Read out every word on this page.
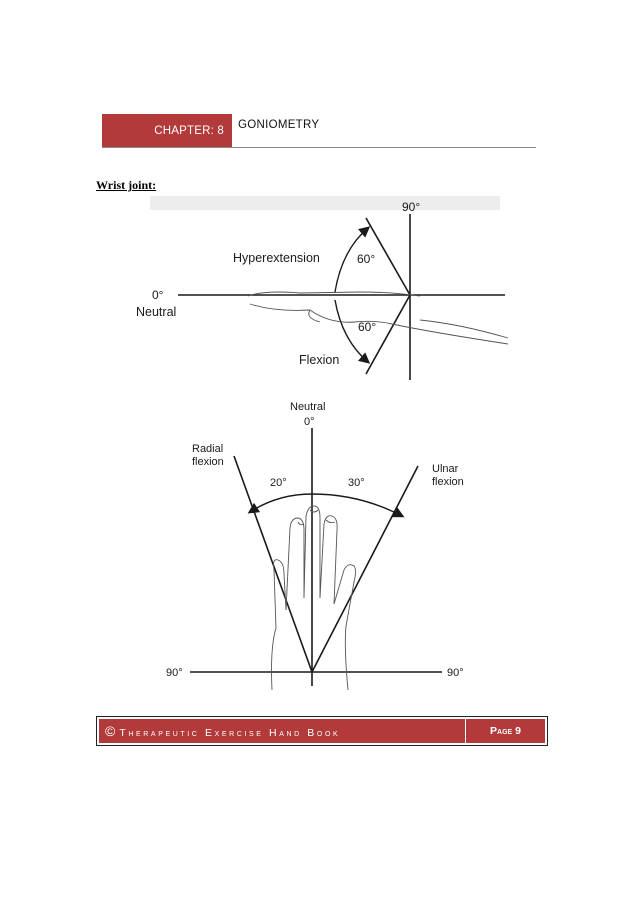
CHAPTER: 8 GONIOMETRY
Wrist joint:
90°
Hyperextension	60°
0°
Neutral
60°
Flexion
Neutral
0°
Radial
flexion
Ulnar
flexion
20°	30°
90°	90°
© Therapeutic Exercise Hand Book	Page 9
